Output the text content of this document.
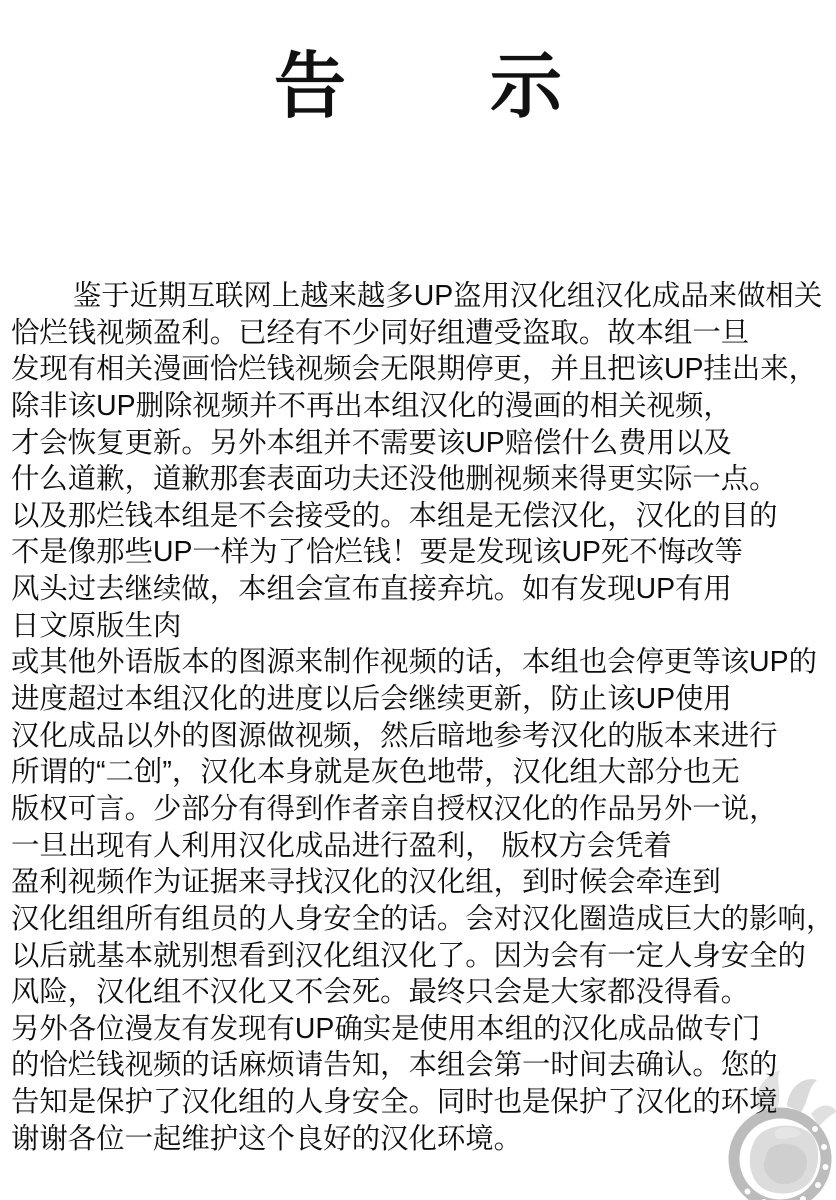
告示
鉴于近期互联网上越来越多UP盗用汉化组汉化成品来做相关
恰烂钱视频盈利。已经有不少同好组遭受盗取。故本组一旦
发现有相关漫画恰烂钱视频会无限期停更，并且把该UP挂出来，
除非该UP删除视频并不再出本组汉化的漫画的相关视频，
才会恢复更新。另外本组并不需要该UP赔偿什么费用以及
什么道歉，道歉那套表面功夫还没他删视频来得更实际一点。
以及那烂钱本组是不会接受的。本组是无偿汉化，汉化的目的
不是像那些UP一样为了恰烂钱！要是发现该UP死不悔改等
风头过去继续做，本组会宣布直接弃坑。如有发现UP有用
日文原版生肉
或其他外语版本的图源来制作视频的话，本组也会停更等该UP的
进度超过本组汉化的进度以后会继续更新，防止该UP使用
汉化成品以外的图源做视频，然后暗地参考汉化的版本来进行
所谓的“二创”，汉化本身就是灰色地带，汉化组大部分也无
版权可言。少部分有得到作者亲自授权汉化的作品另外一说，
一旦出现有人利用汉化成品进行盈利， 版权方会凭着
盈利视频作为证据来寻找汉化的汉化组，到时候会牵连到
汉化组组所有组员的人身安全的话。会对汉化圈造成巨大的影响，
以后就基本就别想看到汉化组汉化了。因为会有一定人身安全的
风险，汉化组不汉化又不会死。最终只会是大家都没得看。
另外各位漫友有发现有UP确实是使用本组的汉化成品做专门
的恰烂钱视频的话麻烦请告知，本组会第一时间去确认。您的
告知是保护了汉化组的人身安全。同时也是保护了汉化的环境
谢谢各位一起维护这个良好的汉化环境。
